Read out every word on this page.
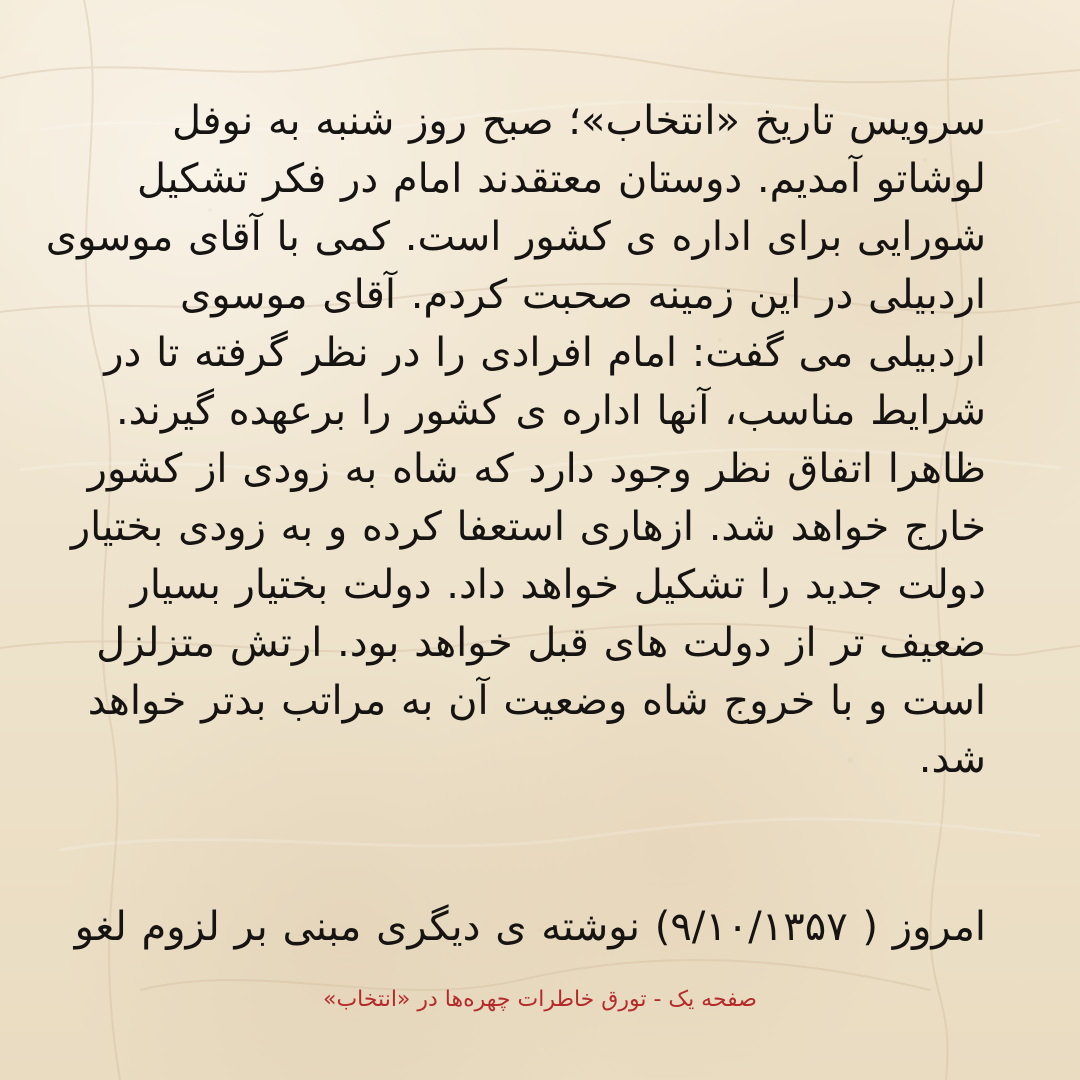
سرویس تاریخ «انتخاب»؛ صبح روز شنبه به نوفل
لوشاتو آمدیم. دوستان معتقدند امام در فکر تشکیل
شورایی برای اداره ی کشور است. کمی با آقای موسوی
اردبیلی در این زمینه صحبت کردم. آقای موسوی
اردبیلی می گفت: امام افرادی را در نظر گرفته تا در
شرایط مناسب، آنها اداره ی کشور را برعهده گیرند.
ظاهرا اتفاق نظر وجود دارد که شاه به زودی از کشور
خارج خواهد شد. ازهاری استعفا کرده و به زودی بختیار
دولت جدید را تشکیل خواهد داد. دولت بختیار بسیار
ضعیف تر از دولت های قبل خواهد بود. ارتش متزلزل
است و با خروج شاه وضعیت آن به مراتب بدتر خواهد
شد.
امروز ( ۹/۱۰/۱۳۵۷) نوشته ی دیگری مبنی بر لزوم لغو
صفحه یک - تورق خاطرات چهره‌ها در «انتخاب»
